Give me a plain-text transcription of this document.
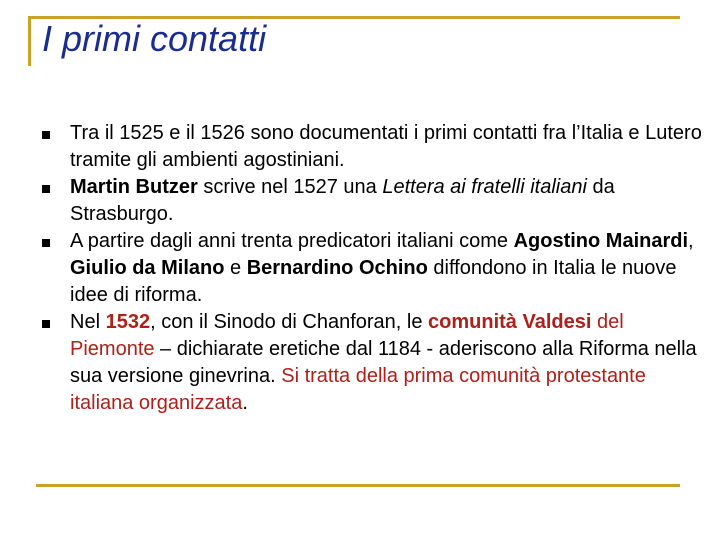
I primi contatti
Tra il 1525 e il 1526 sono documentati i primi contatti fra l’Italia e Lutero tramite gli ambienti agostiniani.
Martin Butzer scrive nel 1527 una Lettera ai fratelli italiani da Strasburgo.
A partire dagli anni trenta predicatori italiani come Agostino Mainardi, Giulio da Milano e Bernardino Ochino diffondono in Italia le nuove idee di riforma.
Nel 1532, con il Sinodo di Chanforan, le comunità Valdesi del Piemonte – dichiarate eretiche dal 1184 - aderiscono alla Riforma nella sua versione ginevrina. Si tratta della prima comunità protestante italiana organizzata.
